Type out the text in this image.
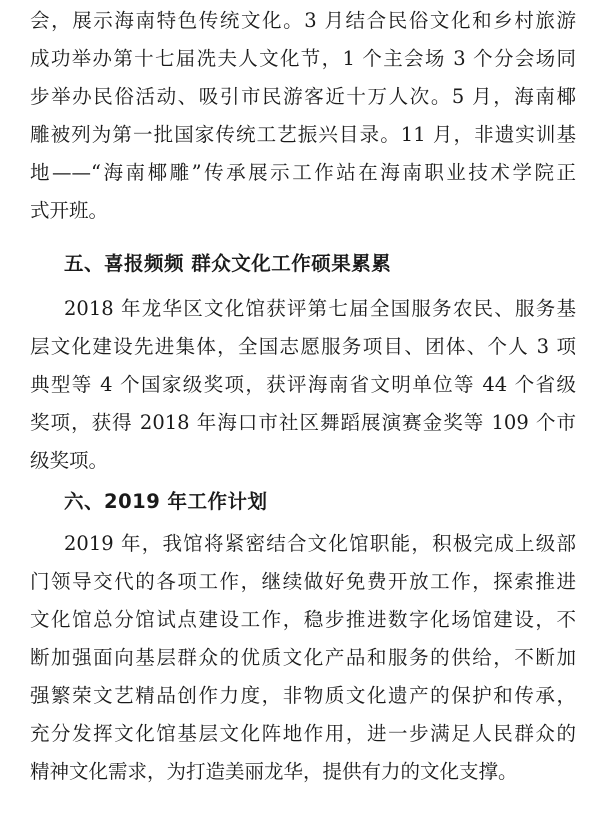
会，展示海南特色传统文化。3 月结合民俗文化和乡村旅游
成功举办第十七届冼夫人文化节，1 个主会场 3 个分会场同
步举办民俗活动、吸引市民游客近十万人次。5 月，海南椰
雕被列为第一批国家传统工艺振兴目录。11 月，非遗实训基
地——“海南椰雕”传承展示工作站在海南职业技术学院正
式开班。
五、喜报频频 群众文化工作硕果累累
2018 年龙华区文化馆获评第七届全国服务农民、服务基
层文化建设先进集体，全国志愿服务项目、团体、个人 3 项
典型等 4 个国家级奖项，获评海南省文明单位等 44 个省级
奖项，获得 2018 年海口市社区舞蹈展演赛金奖等 109 个市
级奖项。
六、2019 年工作计划
2019 年，我馆将紧密结合文化馆职能，积极完成上级部
门领导交代的各项工作，继续做好免费开放工作，探索推进
文化馆总分馆试点建设工作，稳步推进数字化场馆建设，不
断加强面向基层群众的优质文化产品和服务的供给，不断加
强繁荣文艺精品创作力度，非物质文化遗产的保护和传承，
充分发挥文化馆基层文化阵地作用，进一步满足人民群众的
精神文化需求，为打造美丽龙华，提供有力的文化支撑。
